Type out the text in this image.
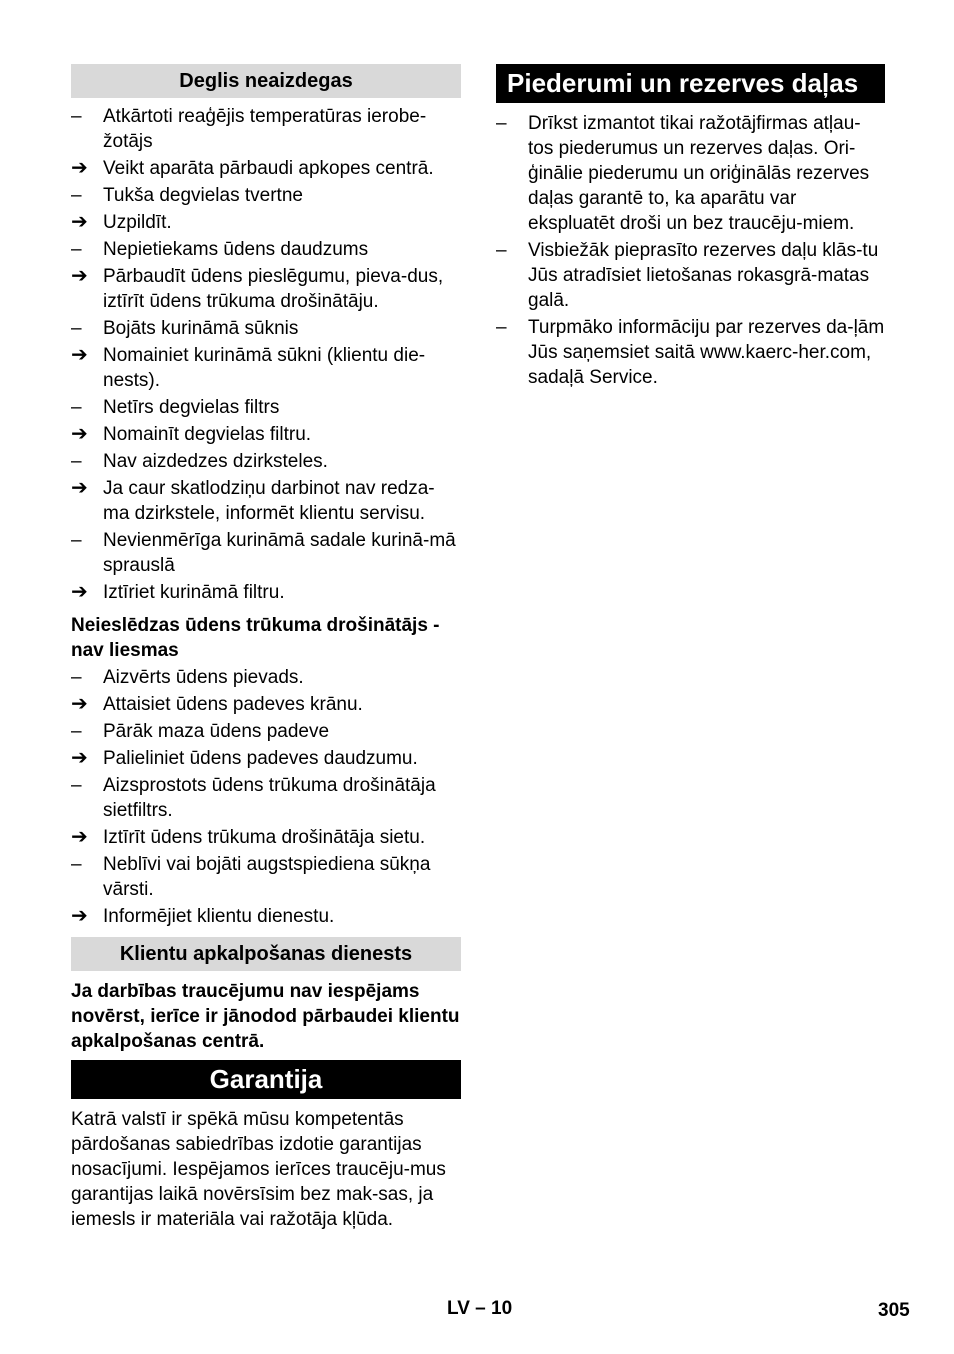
Deglis neaizdegas
–	Atkārtoti reaģējis temperatūras ierobe-žotājs
➔ Veikt aparāta pārbaudi apkopes centrā.
–	Tukša degvielas tvertne
➔ Uzpildīt.
–	Nepietiekams ūdens daudzums
➔ Pārbaudīt ūdens pieslēgumu, pieva-dus, iztīrīt ūdens trūkuma drošinātāju.
–	Bojāts kurināmā sūknis
➔ Nomainiet kurināmā sūkni (klientu die-nests).
–	Netīrs degvielas filtrs
➔ Nomainīt degvielas filtru.
–	Nav aizdedzes dzirksteles.
➔ Ja caur skatlodziņu darbinot nav redza-ma dzirkstele, informēt klientu servisu.
–	Nevienmērīga kurināmā sadale kurinā-mā sprauslā
➔ Iztīriet kurināmā filtru.
Neieslēdzas ūdens trūkuma drošinātājs - nav liesmas
–	Aizvērts ūdens pievads.
➔ Attaisiet ūdens padeves krānu.
–	Pārāk maza ūdens padeve
➔ Palieliniet ūdens padeves daudzumu.
–	Aizsprostots ūdens trūkuma drošinātāja sietfiltrs.
➔ Iztīrīt ūdens trūkuma drošinātāja sietu.
–	Neblīvi vai bojāti augstspiediena sūkņa vārsti.
➔ Informējiet klientu dienestu.
Klientu apkalpošanas dienests
Ja darbības traucējumu nav iespējams novērst, ierīce ir jānodod pārbaudei klientu apkalpošanas centrā.
Garantija
Katrā valstī ir spēkā mūsu kompetentās pārdošanas sabiedrības izdotie garantijas nosacījumi. Iespējamos ierīces traucēju-mus garantijas laikā novērsīsim bez mak-sas, ja iemesls ir materiāla vai ražotāja kļūda.
Piederumi un rezerves daļas
–	Drīkst izmantot tikai ražotājfirmas atļau-tos piederumus un rezerves daļas. Ori-ģinālie piederumu un oriģinālās rezerves daļas garantē to, ka aparātu var ekspluatēt droši un bez traucēju-miem.
–	Visbiežāk pieprasīto rezerves daļu klās-tu Jūs atradīsiet lietošanas rokasgrā-matas galā.
–	Turpmāko informāciju par rezerves da-ļām Jūs saņemsiet saitā www.kaerc-her.com, sadaļā Service.
LV – 10	305
